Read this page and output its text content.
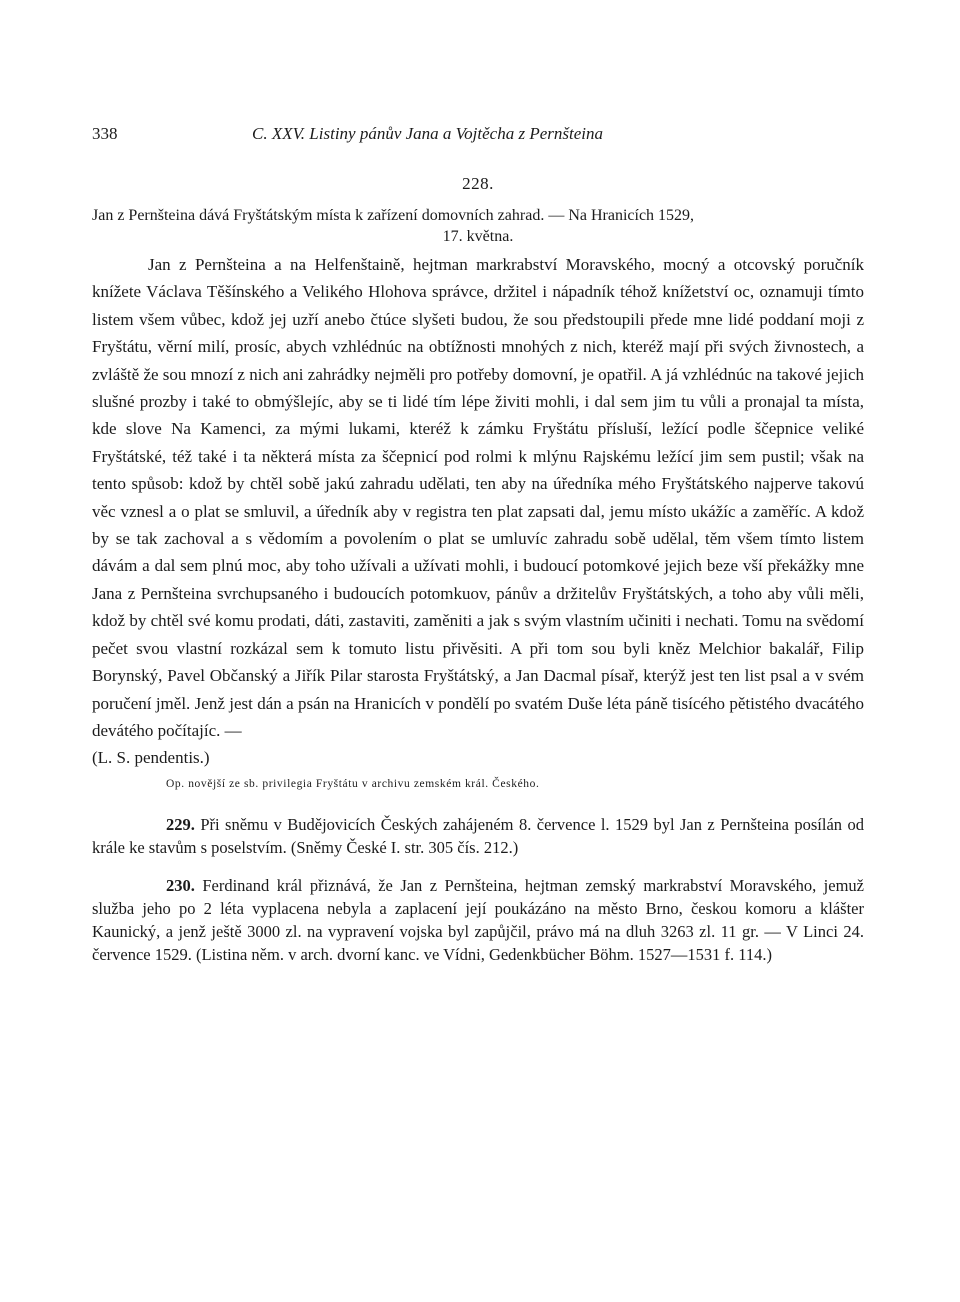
338	C. XXV. Listiny pánův Jana a Vojtěcha z Pernšteina
228.
Jan z Pernšteina dává Fryštátským místa k zařízení domovních zahrad. — Na Hranicích 1529,
17. května.
Jan z Pernšteina a na Helfenštaině, hejtman markrabství Moravského, mocný a otcovský poručník knížete Václava Těšínského a Velikého Hlohova správce, držitel i nápadník téhož knížetství oc, oznamuji tímto listem všem vůbec, kdož jej uzří anebo čtúce slyšeti budou, že sou předstoupili přede mne lidé poddaní moji z Fryštátu, věrní milí, prosíc, abych vzhlédnúc na obtížnosti mnohých z nich, kteréž mají při svých živnostech, a zvláště že sou mnozí z nich ani zahrádky nejměli pro potřeby domovní, je opatřil. A já vzhlédnúc na takové jejich slušné prozby i také to obmýšlejíc, aby se ti lidé tím lépe živiti mohli, i dal sem jim tu vůli a pronajal ta místa, kde slove Na Kamenci, za mými lukami, kteréž k zámku Fryštátu přísluší, ležící podle ščepnice veliké Fryštátské, též také i ta některá místa za ščepnicí pod rolmi k mlýnu Rajskému ležící jim sem pustil; však na tento spůsob: kdož by chtěl sobě jakú zahradu udělati, ten aby na úředníka mého Fryštátského najperve takovú věc vznesl a o plat se smluvil, a úředník aby v registra ten plat zapsati dal, jemu místo ukážíc a zaměříc. A kdož by se tak zachoval a s vědomím a povolením o plat se umluvíc zahradu sobě udělal, těm všem tímto listem dávám a dal sem plnú moc, aby toho užívali a užívati mohli, i budoucí potomkové jejich beze vší překážky mne Jana z Pernšteina svrchupsaného i budoucích potomkuov, pánův a držitelův Fryštátských, a toho aby vůli měli, kdož by chtěl své komu prodati, dáti, zastaviti, zaměniti a jak s svým vlastním učiniti i nechati. Tomu na svědomí pečet svou vlastní rozkázal sem k tomuto listu přivěsiti. A při tom sou byli kněz Melchior bakalář, Filip Borynský, Pavel Občanský a Jiřík Pilar starosta Fryštátský, a Jan Dacmal písař, kterýž jest ten list psal a v svém poručení jměl. Jenž jest dán a psán na Hranicích v pondělí po svatém Duše léta páně tisícého pětistého dvacátého devátého počítajíc. —
(L. S. pendentis.)
Op. novější ze sb. privilegia Fryštátu v archivu zemském král. Českého.
229. Při sněmu v Budějovicích Českých zahájeném 8. července l. 1529 byl Jan z Pernšteina posílán od krále ke stavům s poselstvím. (Sněmy České I. str. 305 čís. 212.)
230. Ferdinand král přiznává, že Jan z Pernšteina, hejtman zemský markrabství Moravského, jemuž služba jeho po 2 léta vyplacena nebyla a zaplacení její poukázáno na město Brno, českou komoru a klášter Kaunický, a jenž ještě 3000 zl. na vypravení vojska byl zapůjčil, právo má na dluh 3263 zl. 11 gr. — V Linci 24. července 1529. (Listina něm. v arch. dvorní kanc. ve Vídni, Gedenkbücher Böhm. 1527—1531 f. 114.)
